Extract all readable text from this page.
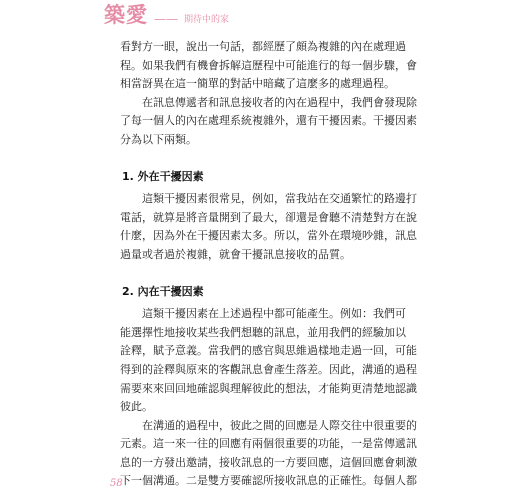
築愛 —— 期待中的家
看對方一眼，說出一句話，都經歷了頗為複雜的內在處理過
程。如果我們有機會拆解這歷程中可能進行的每一個步驟，會
相當訝異在這一簡單的對話中暗藏了這麼多的處理過程。
在訊息傳遞者和訊息接收者的內在過程中，我們會發現除
了每一個人的內在處理系統複雜外，還有干擾因素。干擾因素
分為以下兩類。
1. 外在干擾因素
這類干擾因素很常見，例如，當我站在交通繁忙的路邊打
電話，就算是將音量開到了最大，卻還是會聽不清楚對方在說
什麼，因為外在干擾因素太多。所以，當外在環境吵雜，訊息
過量或者過於複雜，就會干擾訊息接收的品質。
2. 內在干擾因素
這類干擾因素在上述過程中都可能產生。例如：我們可
能選擇性地接收某些我們想聽的訊息，並用我們的經驗加以
詮釋，賦予意義。當我們的感官與思維過樣地走過一回，可能
得到的詮釋與原來的客觀訊息會產生落差。因此，溝通的過程
需要來來回回地確認與理解彼此的想法，才能夠更清楚地認識
彼此。
在溝通的過程中，彼此之間的回應是人際交往中很重要的
元素。這一來一往的回應有兩個很重要的功能，一是當傳遞訊
息的一方發出邀請，接收訊息的一方要回應，這個回應會刺激
下一個溝通。二是雙方要確認所接收訊息的正確性。每個人都
58
